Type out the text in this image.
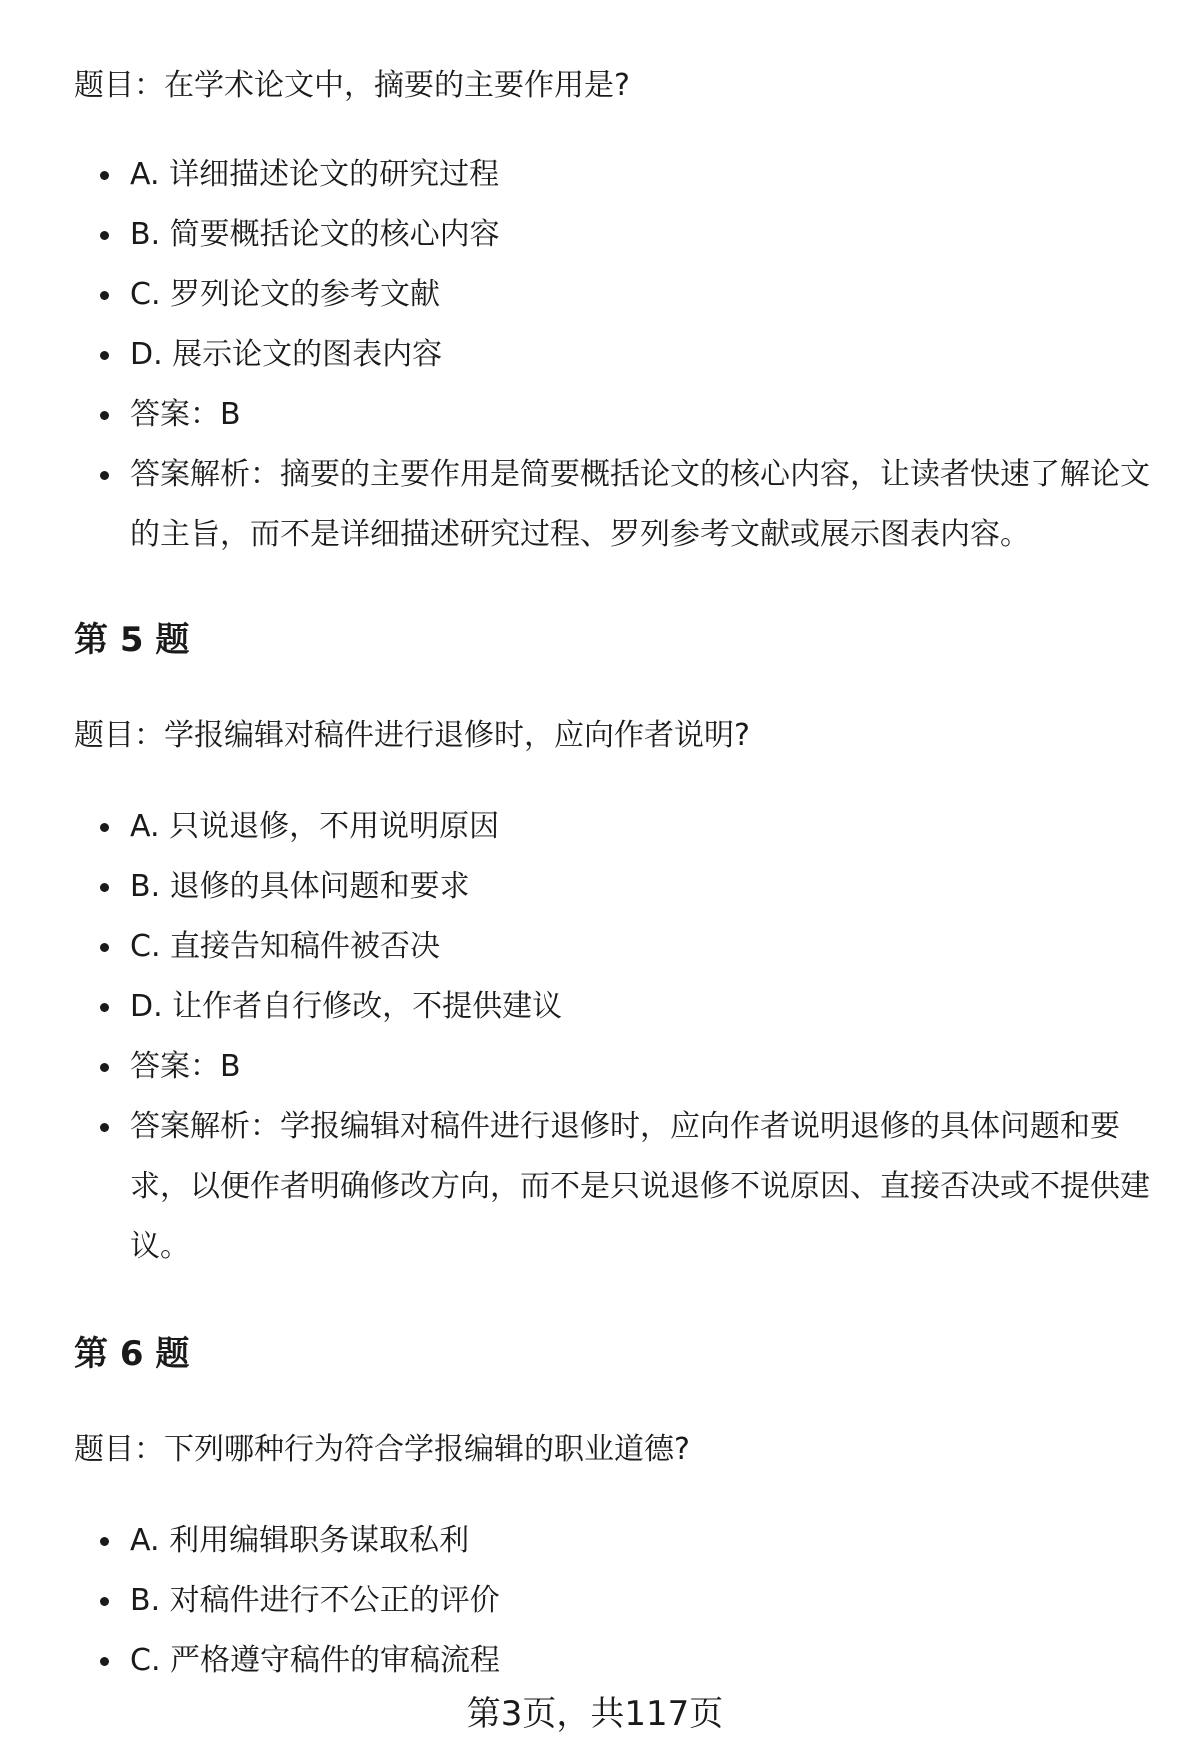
题目：在学术论文中，摘要的主要作用是?

A. 详细描述论文的研究过程
B. 简要概括论文的核心内容
C. 罗列论文的参考文献
D. 展示论文的图表内容
答案：B
答案解析：摘要的主要作用是简要概括论文的核心内容，让读者快速了解论文的主旨，而不是详细描述研究过程、罗列参考文献或展示图表内容。

第 5 题

题目：学报编辑对稿件进行退修时，应向作者说明?

A. 只说退修，不用说明原因
B. 退修的具体问题和要求
C. 直接告知稿件被否决
D. 让作者自行修改，不提供建议
答案：B
答案解析：学报编辑对稿件进行退修时，应向作者说明退修的具体问题和要求，以便作者明确修改方向，而不是只说退修不说原因、直接否决或不提供建议。

第 6 题

题目：下列哪种行为符合学报编辑的职业道德?

A. 利用编辑职务谋取私利
B. 对稿件进行不公正的评价
C. 严格遵守稿件的审稿流程
第3页，共117页
